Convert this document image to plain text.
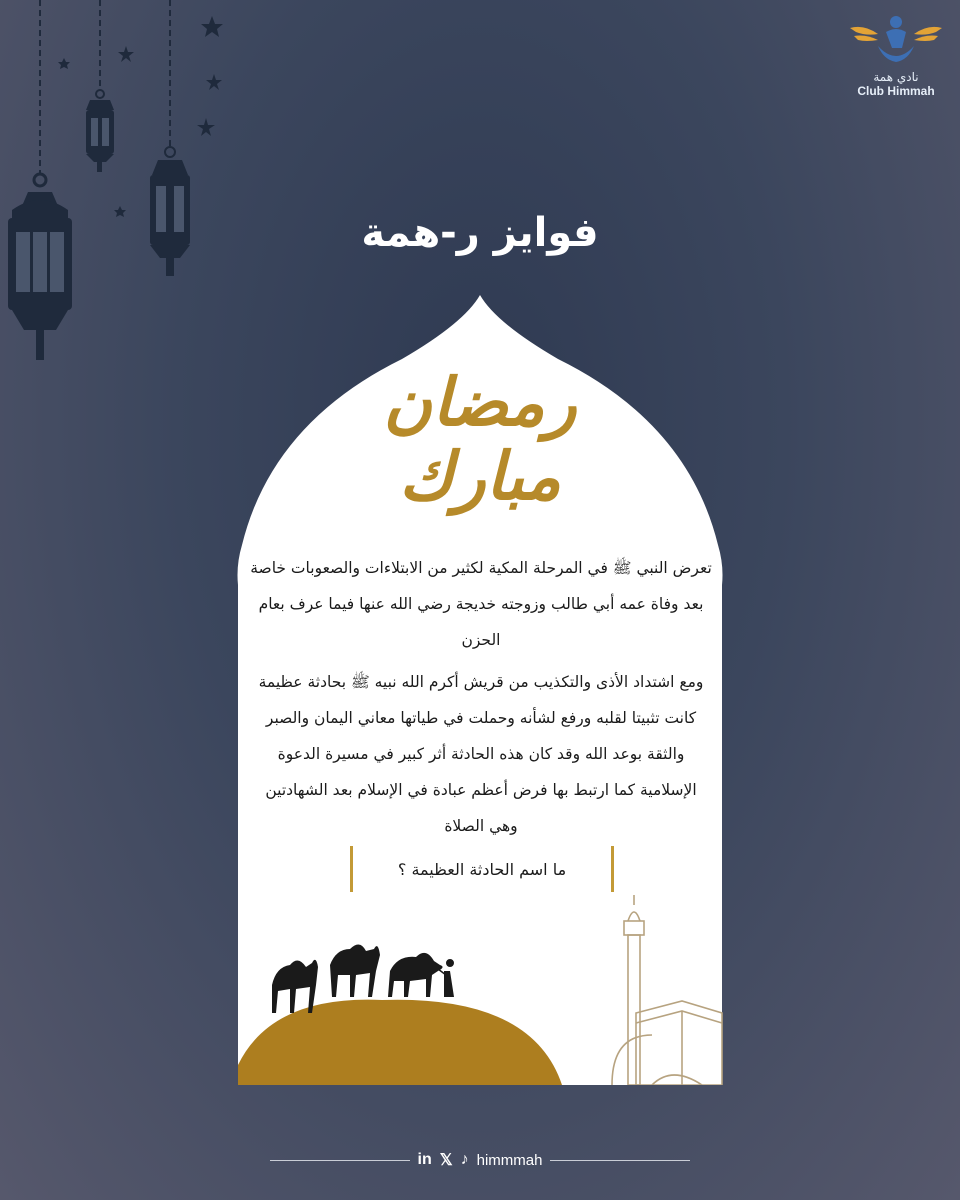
نادي همة
Club Himmah
فوايز ر-همة
رمضان
مبارك

تعرض النبي ﷺ في المرحلة المكية لكثير من الابتلاءات والصعوبات خاصة بعد وفاة عمه أبي طالب وزوجته خديجة رضي الله عنها فيما عرف بعام الحزن

ومع اشتداد الأذى والتكذيب من قريش أكرم الله نبيه ﷺ بحادثة عظيمة كانت تثبيتا لقلبه ورفع لشأنه وحملت في طياتها معاني اليمان والصبر والثقة بوعد الله وقد كان هذه الحادثة أثر كبير في مسيرة الدعوة الإسلامية كما ارتبط بها فرض أعظم عبادة في الإسلام بعد الشهادتين وهي الصلاة

ما اسم الحادثة العظيمة ؟
in 𝕏 ♪ himmmah
